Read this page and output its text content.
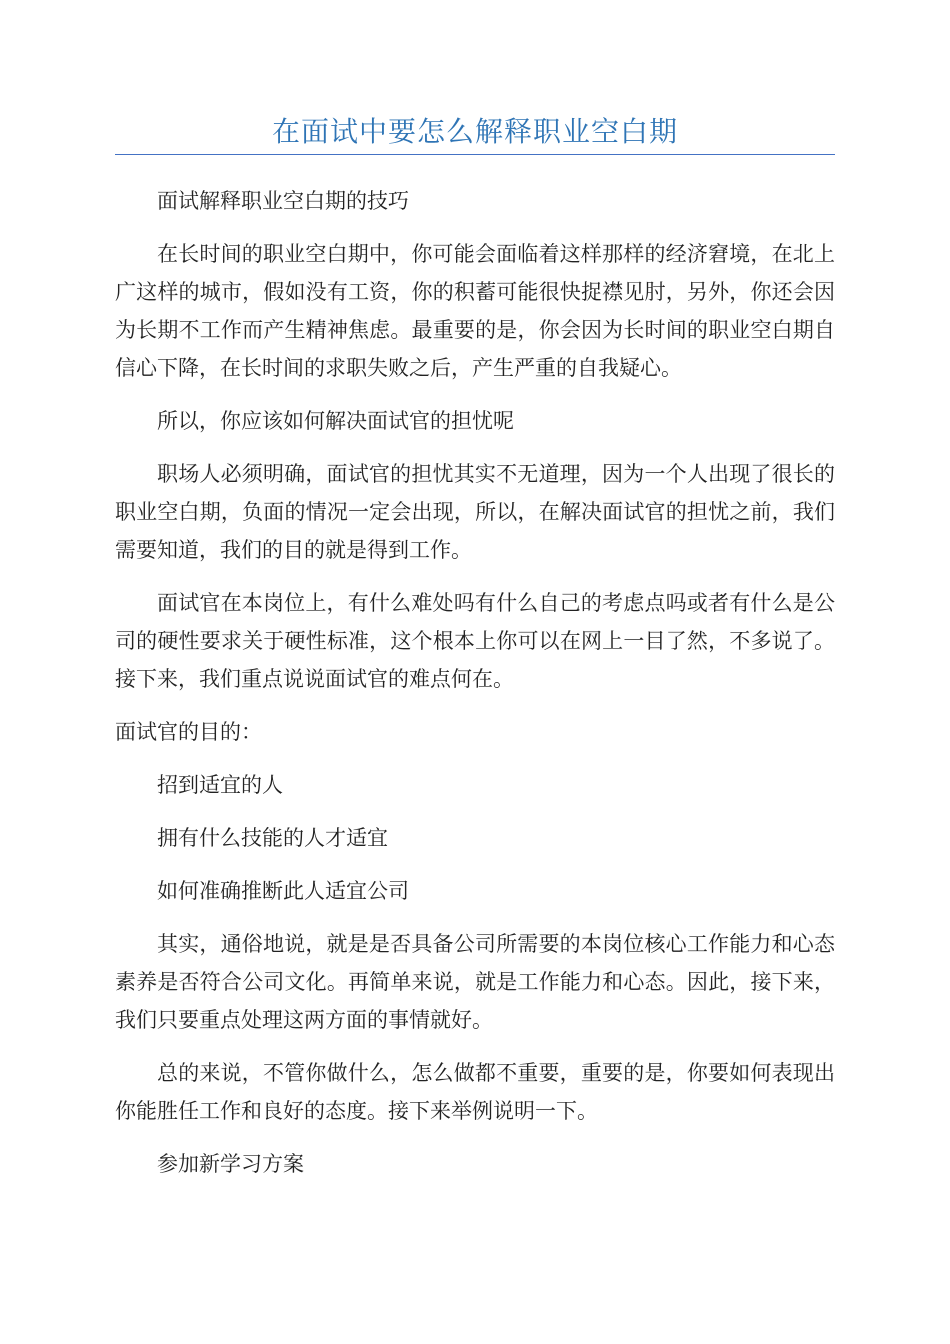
在面试中要怎么解释职业空白期

面试解释职业空白期的技巧

在长时间的职业空白期中，你可能会面临着这样那样的经济窘境，在北上广这样的城市，假如没有工资，你的积蓄可能很快捉襟见肘，另外，你还会因为长期不工作而产生精神焦虑。最重要的是，你会因为长时间的职业空白期自信心下降，在长时间的求职失败之后，产生严重的自我疑心。

所以，你应该如何解决面试官的担忧呢

职场人必须明确，面试官的担忧其实不无道理，因为一个人出现了很长的职业空白期，负面的情况一定会出现，所以，在解决面试官的担忧之前，我们需要知道，我们的目的就是得到工作。

面试官在本岗位上，有什么难处吗有什么自己的考虑点吗或者有什么是公司的硬性要求关于硬性标准，这个根本上你可以在网上一目了然，不多说了。接下来，我们重点说说面试官的难点何在。

面试官的目的：

招到适宜的人

拥有什么技能的人才适宜

如何准确推断此人适宜公司

其实，通俗地说，就是是否具备公司所需要的本岗位核心工作能力和心态素养是否符合公司文化。再简单来说，就是工作能力和心态。因此，接下来，我们只要重点处理这两方面的事情就好。

总的来说，不管你做什么，怎么做都不重要，重要的是，你要如何表现出你能胜任工作和良好的态度。接下来举例说明一下。

参加新学习方案
